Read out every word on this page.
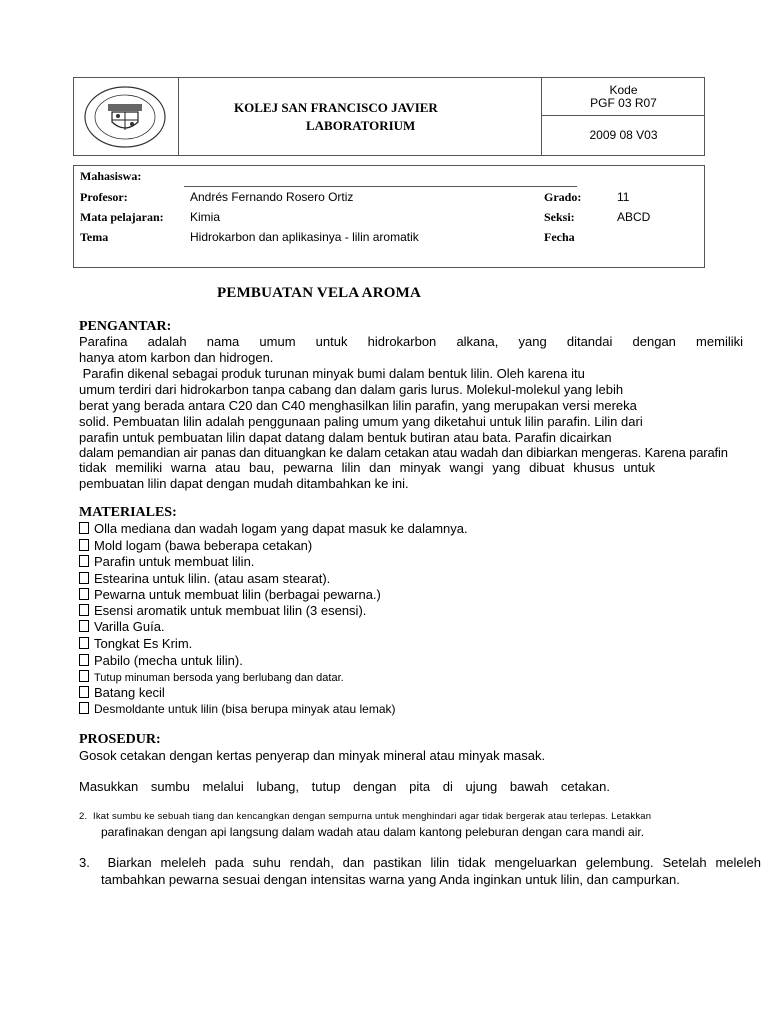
KOLEJ SAN FRANCISCO JAVIER
LABORATORIUM
Kode
PGF 03 R07
2009 08 V03
Mahasiswa:
Profesor:	Andrés Fernando Rosero Ortiz
Mata pelajaran: Kimia
Tema	Hidrokarbon dan aplikasinya - lilin aromatik
Grado:	11
Seksi:	ABCD
Fecha
PEMBUATAN VELA AROMA
PENGANTAR:
Parafina adalah nama umum untuk hidrokarbon alkana, yang ditandai dengan memiliki
hanya atom karbon dan hidrogen.
Parafin dikenal sebagai produk turunan minyak bumi dalam bentuk lilin. Oleh karena itu
umum terdiri dari hidrokarbon tanpa cabang dan dalam garis lurus. Molekul-molekul yang lebih
berat yang berada antara C20 dan C40 menghasilkan lilin parafin, yang merupakan versi mereka
solid. Pembuatan lilin adalah penggunaan paling umum yang diketahui untuk lilin parafin. Lilin dari
parafin untuk pembuatan lilin dapat datang dalam bentuk butiran atau bata. Parafin dicairkan
dalam pemandian air panas dan dituangkan ke dalam cetakan atau wadah dan dibiarkan mengeras. Karena parafin
tidak memiliki warna atau bau, pewarna lilin dan minyak wangi yang dibuat khusus untuk
pembuatan lilin dapat dengan mudah ditambahkan ke ini.
MATERIALES:
Olla mediana dan wadah logam yang dapat masuk ke dalamnya.
Mold logam (bawa beberapa cetakan)
Parafin untuk membuat lilin.
Estearina untuk lilin. (atau asam stearat).
Pewarna untuk membuat lilin (berbagai pewarna.)
Esensi aromatik untuk membuat lilin (3 esensi).
Varilla Guía.
Tongkat Es Krim.
Pabilo (mecha untuk lilin).
Tutup minuman bersoda yang berlubang dan datar.
Batang kecil
Desmoldante untuk lilin (bisa berupa minyak atau lemak)
PROSEDUR:
Gosok cetakan dengan kertas penyerap dan minyak mineral atau minyak masak.
Masukkan sumbu melalui lubang, tutup dengan pita di ujung bawah cetakan.
2.  Ikat sumbu ke sebuah tiang dan kencangkan dengan sempurna untuk menghindari agar tidak bergerak atau terlepas. Letakkan
parafinakan dengan api langsung dalam wadah atau dalam kantong peleburan dengan cara mandi air.
3.  Biarkan meleleh pada suhu rendah, dan pastikan lilin tidak mengeluarkan gelembung. Setelah meleleh
tambahkan pewarna sesuai dengan intensitas warna yang Anda inginkan untuk lilin, dan campurkan.
